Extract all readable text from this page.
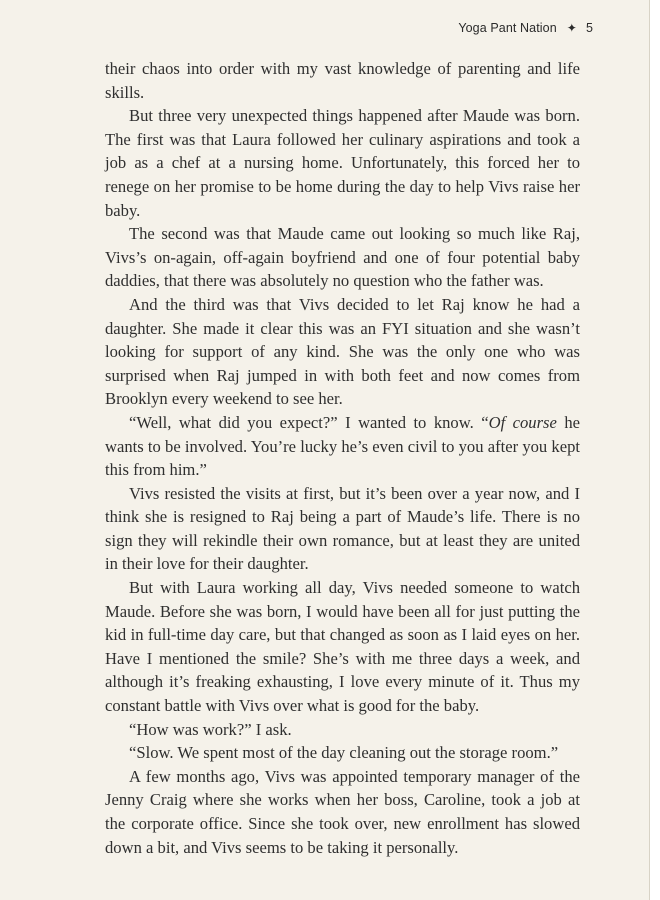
Yoga Pant Nation ✦ 5

their chaos into order with my vast knowledge of parenting and life skills.

But three very unexpected things happened after Maude was born. The first was that Laura followed her culinary aspirations and took a job as a chef at a nursing home. Unfortunately, this forced her to renege on her promise to be home during the day to help Vivs raise her baby.

The second was that Maude came out looking so much like Raj, Vivs’s on-again, off-again boyfriend and one of four potential baby daddies, that there was absolutely no question who the father was.

And the third was that Vivs decided to let Raj know he had a daughter. She made it clear this was an FYI situation and she wasn’t looking for support of any kind. She was the only one who was surprised when Raj jumped in with both feet and now comes from Brooklyn every weekend to see her.

“Well, what did you expect?” I wanted to know. “Of course he wants to be involved. You’re lucky he’s even civil to you after you kept this from him.”

Vivs resisted the visits at first, but it’s been over a year now, and I think she is resigned to Raj being a part of Maude’s life. There is no sign they will rekindle their own romance, but at least they are united in their love for their daughter.

But with Laura working all day, Vivs needed someone to watch Maude. Before she was born, I would have been all for just putting the kid in full-time day care, but that changed as soon as I laid eyes on her. Have I mentioned the smile? She’s with me three days a week, and although it’s freaking exhausting, I love every minute of it. Thus my constant battle with Vivs over what is good for the baby.

“How was work?” I ask.

“Slow. We spent most of the day cleaning out the storage room.”

A few months ago, Vivs was appointed temporary manager of the Jenny Craig where she works when her boss, Caroline, took a job at the corporate office. Since she took over, new enrollment has slowed down a bit, and Vivs seems to be taking it personally.
